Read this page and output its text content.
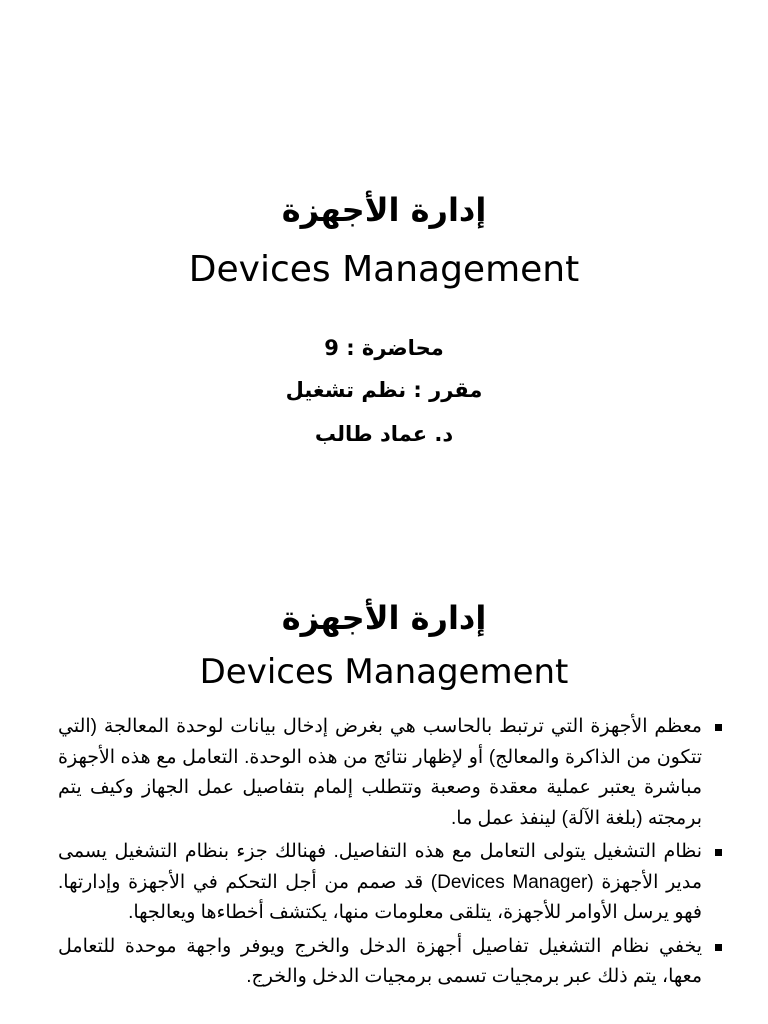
إدارة الأجهزة
Devices Management
محاضرة : 9
مقرر : نظم تشغيل
د. عماد طالب
إدارة الأجهزة
Devices Management
معظم الأجهزة التي ترتبط بالحاسب هي بغرض إدخال بيانات لوحدة المعالجة (التي تتكون من الذاكرة والمعالج) أو لإظهار نتائج من هذه الوحدة. التعامل مع هذه الأجهزة مباشرة يعتبر عملية معقدة وصعبة وتتطلب إلمام بتفاصيل عمل الجهاز وكيف يتم برمجته (بلغة الآلة) لينفذ عمل ما.
نظام التشغيل يتولى التعامل مع هذه التفاصيل. فهنالك جزء بنظام التشغيل يسمى مدير الأجهزة (Devices Manager) قد صمم من أجل التحكم في الأجهزة وإدارتها. فهو يرسل الأوامر للأجهزة، يتلقى معلومات منها، يكتشف أخطاءها ويعالجها.
يخفي نظام التشغيل تفاصيل أجهزة الدخل والخرج ويوفر واجهة موحدة للتعامل معها، يتم ذلك عبر برمجيات تسمى برمجيات الدخل والخرج.
